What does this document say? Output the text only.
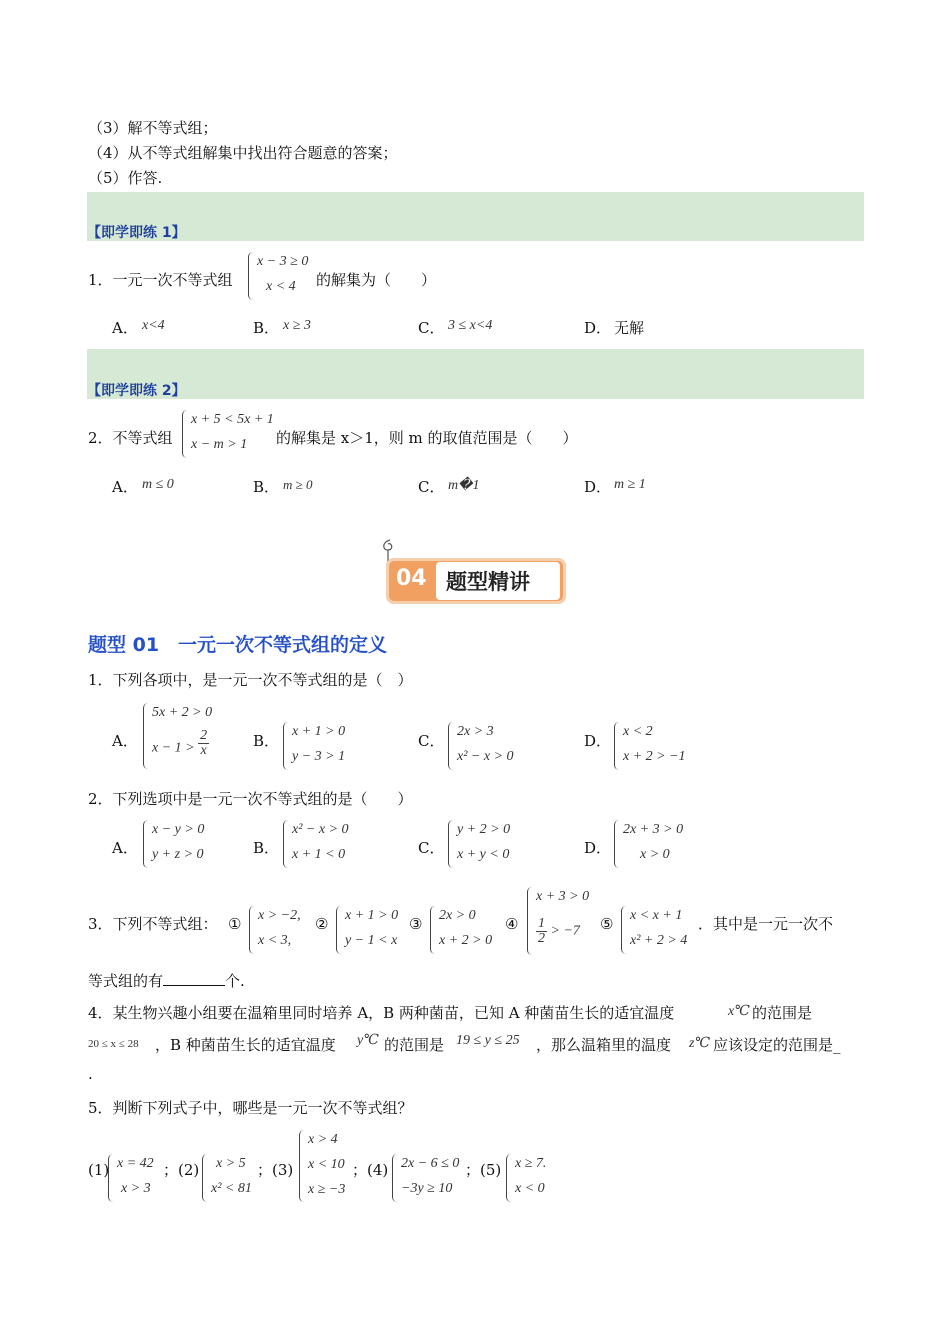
（3）解不等式组；
（4）从不等式组解集中找出符合题意的答案；
（5）作答.
【即学即练 1】
1．一元一次不等式组
x − 3 ≥ 0
x < 4 的解集为（　　）
A． x<4	B． x ≥ 3	C． 3 ≤ x<4	D． 无解
【即学即练 2】
2．不等式组
x + 5 < 5x + 1
x − m > 1 的解集是 x＞1，则 m 的取值范围是（　　）
A． m ≤ 0	B． m ≥ 0	C． m�1	D． m ≥ 1
04 题型精讲
题型 01　一元一次不等式组的定义
1．下列各项中，是一元一次不等式组的是（　）
A．
5x + 2 > 0
$x - 1 > \frac{2}{x}$	B．
x + 1 > 0
y − 3 > 1
C．
2x > 3
x² − x > 0
D．
x < 2
x + 2 > −1
2．下列选项中是一元一次不等式组的是（　　）
A．
x − y > 0
y + z > 0	B．
x² − x > 0
x + 1 < 0	C．
y + 2 > 0
x + y < 0	D．
2x + 3 > 0
x > 0
3．下列不等式组： ① x > −2,
x < 3,
② x + 1 > 0
y − 1 < x
③ 2x > 0
x + 2 > 0
④
x + 3 > 0
$\frac{1}{2} > -7$ ⑤ x < x + 1
x² + 2 > 4
．其中是一元一次不
等式组的有	个.
4．某生物兴趣小组要在温箱里同时培养 A，B 两种菌苗，已知 A 种菌苗生长的适宜温度	x℃ 的范围是
20 ≤ x ≤ 28 ，B 种菌苗生长的适宜温度 y℃ 的范围是 19 ≤ y ≤ 25 ，那么温箱里的温度 z℃ 应该设定的范围是_
.
5．判断下列式子中，哪些是一元一次不等式组？
(1) x = 42
x > 3
；(2) x > 5
x² < 81
；(3)
x > 4
x < 10
x ≥ −3
；(4) 2x − 6 ≤ 0
−3y ≥ 10
；(5) x ≥ 7.
x < 0
